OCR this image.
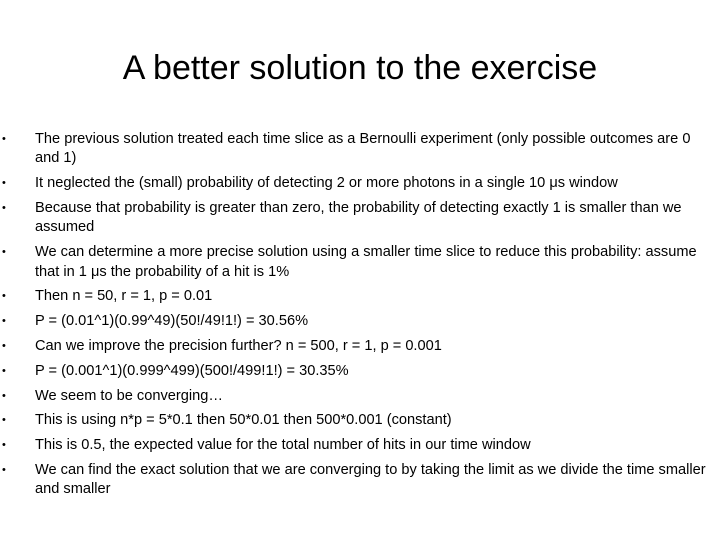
A better solution to the exercise
• The previous solution treated each time slice as a Bernoulli experiment (only possible outcomes are 0 and 1)
• It neglected the (small) probability of detecting 2 or more photons in a single 10 μs window
• Because that probability is greater than zero, the probability of detecting exactly 1 is smaller than we assumed
• We can determine a more precise solution using a smaller time slice to reduce this probability: assume that in 1 μs the probability of a hit is 1%
• Then n = 50, r = 1, p = 0.01
• P = (0.01^1)(0.99^49)(50!/49!1!) = 30.56%
• Can we improve the precision further? n = 500, r = 1, p = 0.001
• P = (0.001^1)(0.999^499)(500!/499!1!) = 30.35%
• We seem to be converging…
• This is using n*p = 5*0.1 then 50*0.01 then 500*0.001 (constant)
• This is 0.5, the expected value for the total number of hits in our time window
• We can find the exact solution that we are converging to by taking the limit as we divide the time smaller and smaller
